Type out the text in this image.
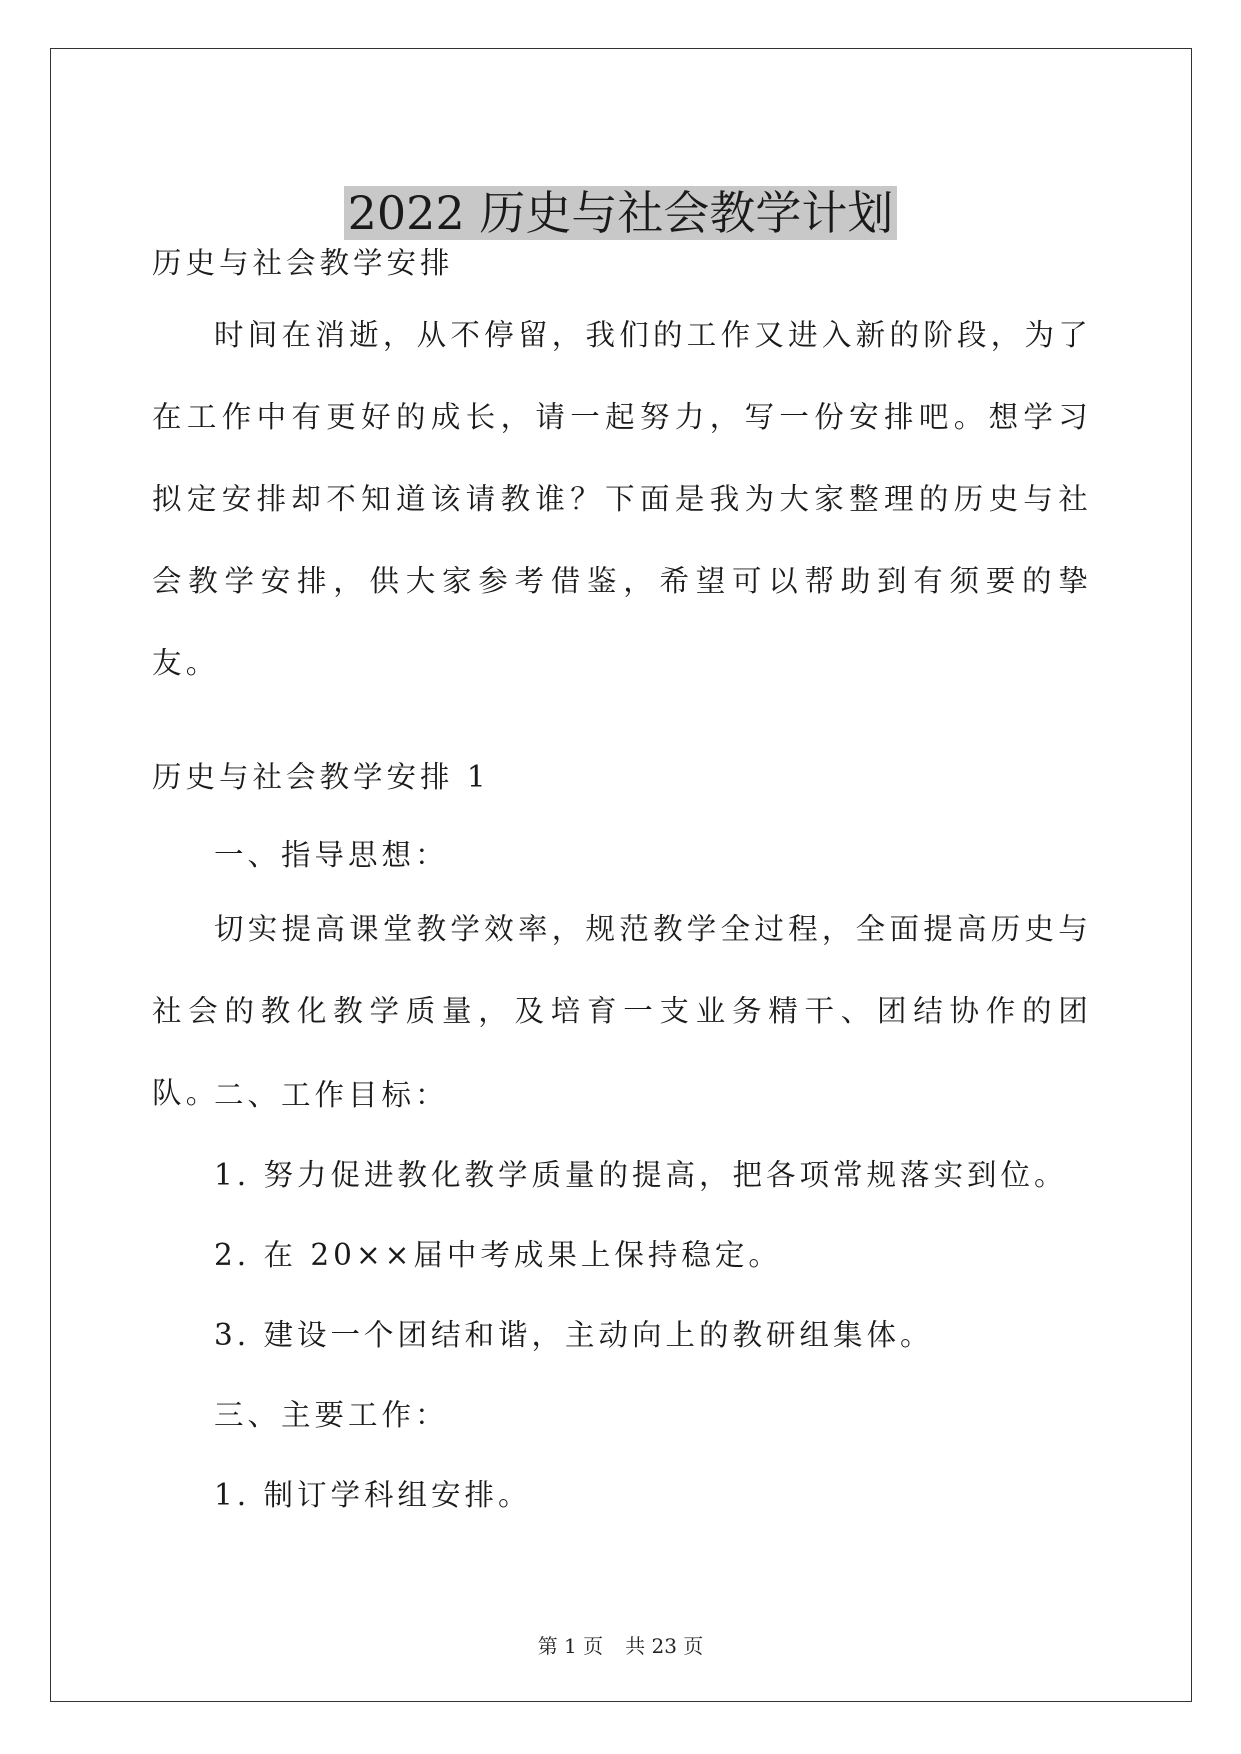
2022 历史与社会教学计划

历史与社会教学安排

时间在消逝，从不停留，我们的工作又进入新的阶段，为了在工作中有更好的成长，请一起努力，写一份安排吧。想学习拟定安排却不知道该请教谁？下面是我为大家整理的历史与社会教学安排，供大家参考借鉴，希望可以帮助到有须要的挚友。

历史与社会教学安排 1

一、指导思想：

切实提高课堂教学效率，规范教学全过程，全面提高历史与社会的教化教学质量，及培育一支业务精干、团结协作的团队。

二、工作目标：

1. 努力促进教化教学质量的提高，把各项常规落实到位。

2. 在 20××届中考成果上保持稳定。

3. 建设一个团结和谐，主动向上的教研组集体。

三、主要工作：

1. 制订学科组安排。

第 1 页 共 23 页
